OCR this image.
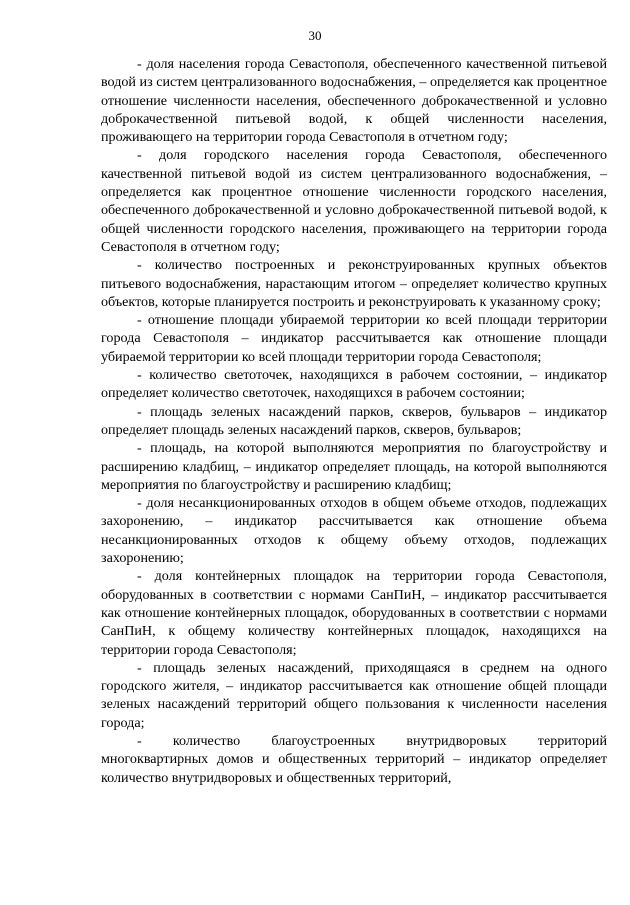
30

- доля населения города Севастополя, обеспеченного качественной питьевой водой из систем централизованного водоснабжения, – определяется как процентное отношение численности населения, обеспеченного доброкачественной и условно доброкачественной питьевой водой, к общей численности населения, проживающего на территории города Севастополя в отчетном году;

- доля городского населения города Севастополя, обеспеченного качественной питьевой водой из систем централизованного водоснабжения, – определяется как процентное отношение численности городского населения, обеспеченного доброкачественной и условно доброкачественной питьевой водой, к общей численности городского населения, проживающего на территории города Севастополя в отчетном году;

- количество построенных и реконструированных крупных объектов питьевого водоснабжения, нарастающим итогом – определяет количество крупных объектов, которые планируется построить и реконструировать к указанному сроку;

- отношение площади убираемой территории ко всей площади территории города Севастополя – индикатор рассчитывается как отношение площади убираемой территории ко всей площади территории города Севастополя;

- количество светоточек, находящихся в рабочем состоянии, – индикатор определяет количество светоточек, находящихся в рабочем состоянии;

- площадь зеленых насаждений парков, скверов, бульваров – индикатор определяет площадь зеленых насаждений парков, скверов, бульваров;

- площадь, на которой выполняются мероприятия по благоустройству и расширению кладбищ, – индикатор определяет площадь, на которой выполняются мероприятия по благоустройству и расширению кладбищ;

- доля несанкционированных отходов в общем объеме отходов, подлежащих захоронению, – индикатор рассчитывается как отношение объема несанкционированных отходов к общему объему отходов, подлежащих захоронению;

- доля контейнерных площадок на территории города Севастополя, оборудованных в соответствии с нормами СанПиН, – индикатор рассчитывается как отношение контейнерных площадок, оборудованных в соответствии с нормами СанПиН, к общему количеству контейнерных площадок, находящихся на территории города Севастополя;

- площадь зеленых насаждений, приходящаяся в среднем на одного городского жителя, – индикатор рассчитывается как отношение общей площади зеленых насаждений территорий общего пользования к численности населения города;

- количество благоустроенных внутридворовых территорий многоквартирных домов и общественных территорий – индикатор определяет количество внутридворовых и общественных территорий,
